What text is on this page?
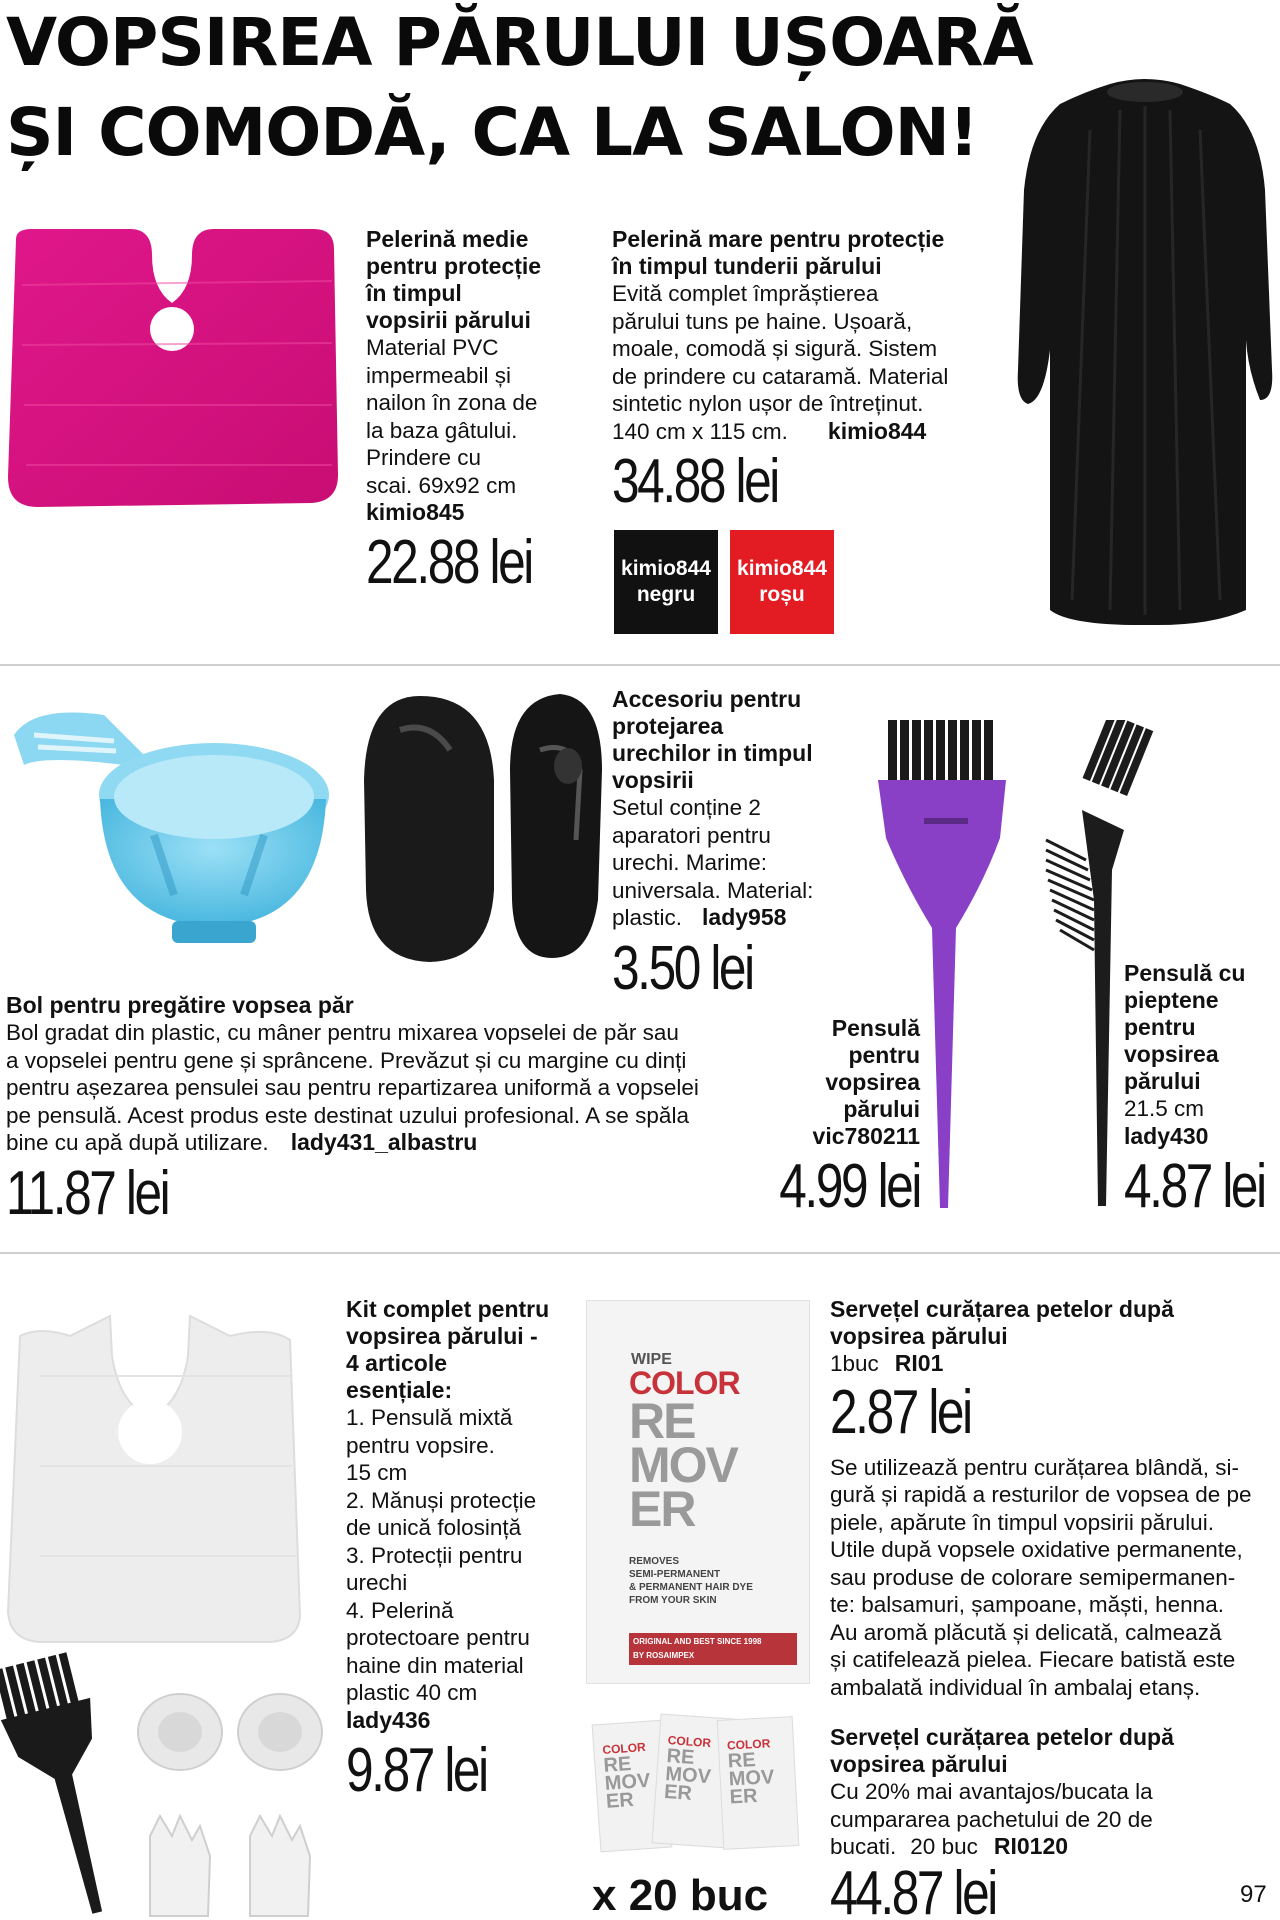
VOPSIREA PĂRULUI UȘOARĂ
ȘI COMODĂ, CA LA SALON!
Pelerină medie
pentru protecție
în timpul
vopsirii părului
Material PVC
impermeabil și
nailon în zona de
la baza gâtului.
Prindere cu
scai. 69x92 cm
kimio845
22.88 lei
Pelerină mare pentru protecție
în timpul tunderii părului
Evită complet împrăștierea
părului tuns pe haine. Ușoară,
moale, comodă și sigură. Sistem
de prindere cu cataramă. Material
sintetic nylon ușor de întreținut.
140 cm x 115 cm. kimio844
34.88 lei
kimio844
negru
kimio844
roșu
Accesoriu pentru
protejarea
urechilor in timpul
vopsirii
Setul conține 2
aparatori pentru
urechi. Marime:
universala. Material:
plastic. lady958
3.50 lei
Bol pentru pregătire vopsea păr
Bol gradat din plastic, cu mâner pentru mixarea vopselei de păr sau
a vopselei pentru gene și sprâncene. Prevăzut și cu margine cu dinți
pentru așezarea pensulei sau pentru repartizarea uniformă a vopselei
pe pensulă. Acest produs este destinat uzului profesional. A se spăla
bine cu apă după utilizare. lady431_albastru
11.87 lei
Pensulă
pentru
vopsirea
părului
vic780211
4.99 lei
Pensulă cu
pieptene
pentru
vopsirea
părului
21.5 cm
lady430
4.87 lei
Kit complet pentru
vopsirea părului -
4 articole
esențiale:
1. Pensulă mixtă
pentru vopsire.
15 cm
2. Mănuși protecție
de unică folosință
3. Protecții pentru
urechi
4. Pelerină
protectoare pentru
haine din material
plastic 40 cm
lady436
9.87 lei
WIPE
COLOR
RE
MOV
ER
REMOVES
SEMI-PERMANENT
& PERMANENT HAIR DYE
FROM YOUR SKIN
ORIGINAL AND BEST SINCE 1998
BY ROSAIMPEX
COLOR
RE
MOV
ER
COLOR
RE
MOV
ER
COLOR
RE
MOV
ER
x 20 buc
Servețel curățarea petelor după
vopsirea părului
1buc RI01
2.87 lei
Se utilizează pentru curățarea blândă, si-
gură și rapidă a resturilor de vopsea de pe
piele, apărute în timpul vopsirii părului.
Utile după vopsele oxidative permanente,
sau produse de colorare semipermanen-
te: balsamuri, șampoane, măști, henna.
Au aromă plăcută și delicată, calmează
și catifelează pielea. Fiecare batistă este
ambalată individual în ambalaj etanș.
Servețel curățarea petelor după
vopsirea părului
Cu 20% mai avantajos/bucata la
cumpararea pachetului de 20 de
bucati. 20 buc RI0120
44.87 lei	97
